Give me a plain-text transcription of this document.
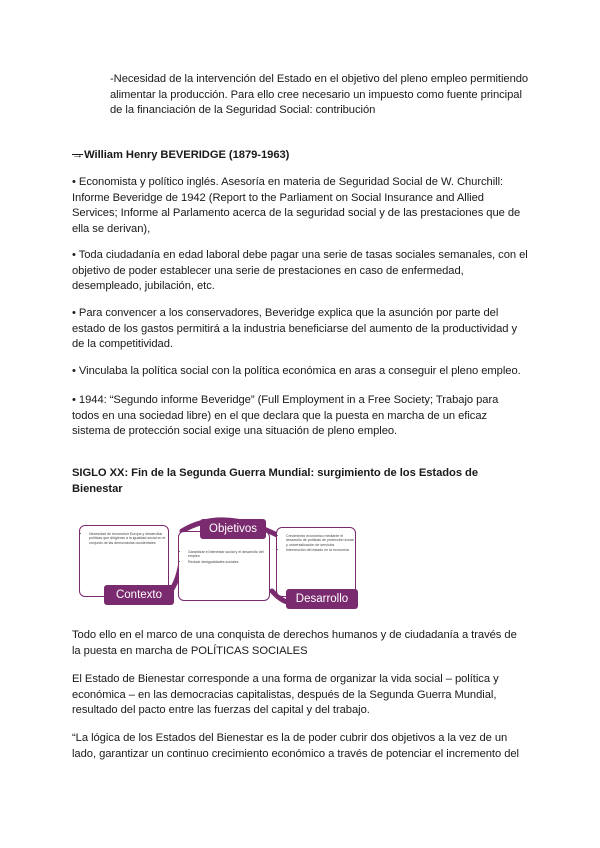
-Necesidad de la intervención del Estado en el objetivo del pleno empleo permitiendo alimentar la producción. Para ello cree necesario un impuesto como fuente principal de la financiación de la Seguridad Social: contribución

→William Henry BEVERIDGE (1879-1963)

• Economista y político inglés. Asesoría en materia de Seguridad Social de W. Churchill: Informe Beveridge de 1942 (Report to the Parliament on Social Insurance and Allied Services; Informe al Parlamento acerca de la seguridad social y de las prestaciones que de ella se derivan),

• Toda ciudadanía en edad laboral debe pagar una serie de tasas sociales semanales, con el objetivo de poder establecer una serie de prestaciones en caso de enfermedad, desempleado, jubilación, etc.

• Para convencer a los conservadores, Beveridge explica que la asunción por parte del estado de los gastos permitirá a la industria beneficiarse del aumento de la productividad y de la competitividad.

• Vinculaba la política social con la política económica en aras a conseguir el pleno empleo.

• 1944: “Segundo informe Beveridge” (Full Employment in a Free Society; Trabajo para todos en una sociedad libre) en el que declara que la puesta en marcha de un eficaz sistema de protección social exige una situación de pleno empleo.

SIGLO XX: Fin de la Segunda Guerra Mundial: surgimiento de los Estados de Bienestar

• Necesidad de reconstruir Europa y desarrollar políticas que dirigieran a la igualdad social en el conjunto de las democracias occidentales
Contexto
• Garantizar el bienestar social y el desarrollo del empleo
• Reducir desigualdades sociales
Objetivos
• Crecimiento económico mediante el desarrollo de políticas de protección social y universalización de servicios
• Intervención del estado en la economía
Desarrollo

Todo ello en el marco de una conquista de derechos humanos y de ciudadanía a través de la puesta en marcha de POLÍTICAS SOCIALES

El Estado de Bienestar corresponde a una forma de organizar la vida social – política y económica – en las democracias capitalistas, después de la Segunda Guerra Mundial, resultado del pacto entre las fuerzas del capital y del trabajo.

“La lógica de los Estados del Bienestar es la de poder cubrir dos objetivos a la vez de un lado, garantizar un continuo crecimiento económico a través de potenciar el incremento del
